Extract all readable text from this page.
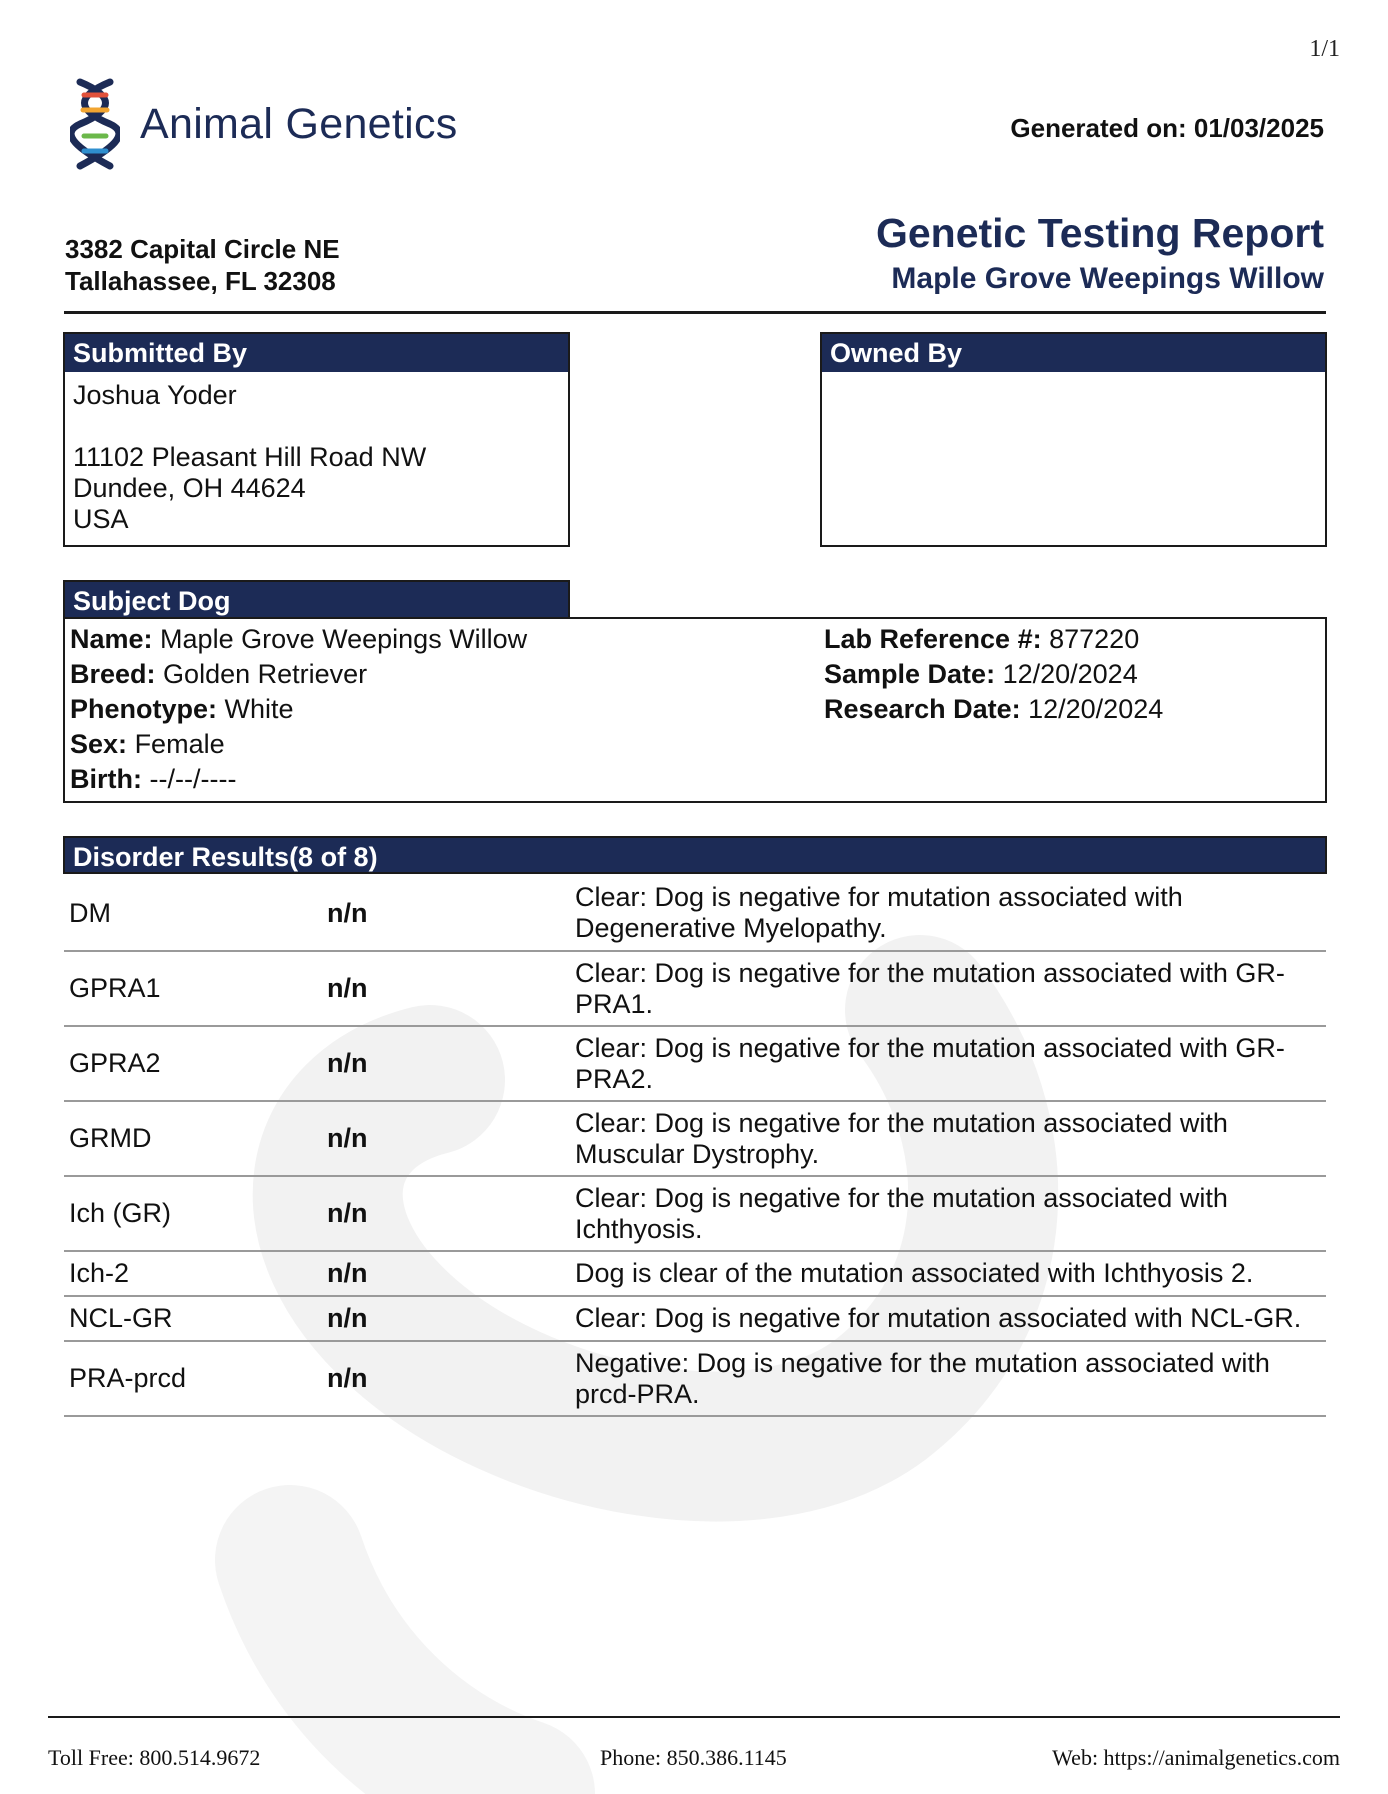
1/1
Animal Genetics	Generated on: 01/03/2025
3382 Capital Circle NE
Tallahassee, FL 32308
Genetic Testing Report
Maple Grove Weepings Willow
Submitted By
Joshua Yoder
11102 Pleasant Hill Road NW
Dundee, OH 44624
USA
Owned By
Subject Dog
Name: Maple Grove Weepings Willow
Breed: Golden Retriever
Phenotype: White
Sex: Female
Birth: --/--/----
Lab Reference #: 877220
Sample Date: 12/20/2024
Research Date: 12/20/2024
Disorder Results(8 of 8)
DM	n/n	Clear: Dog is negative for mutation associated with
Degenerative Myelopathy.

GPRA1	n/n	Clear: Dog is negative for the mutation associated with GR-
PRA1.

GPRA2	n/n	Clear: Dog is negative for the mutation associated with GR-
PRA2.

GRMD	n/n	Clear: Dog is negative for the mutation associated with
Muscular Dystrophy.

Ich (GR)	n/n	Clear: Dog is negative for the mutation associated with
Ichthyosis.

Ich-2	n/n	Dog is clear of the mutation associated with Ichthyosis 2.
NCL-GR	n/n	Clear: Dog is negative for mutation associated with NCL-GR.
PRA-prcd	n/n	Negative: Dog is negative for the mutation associated with
prcd-PRA.
Toll Free: 800.514.9672	Phone: 850.386.1145	Web: https://animalgenetics.com
